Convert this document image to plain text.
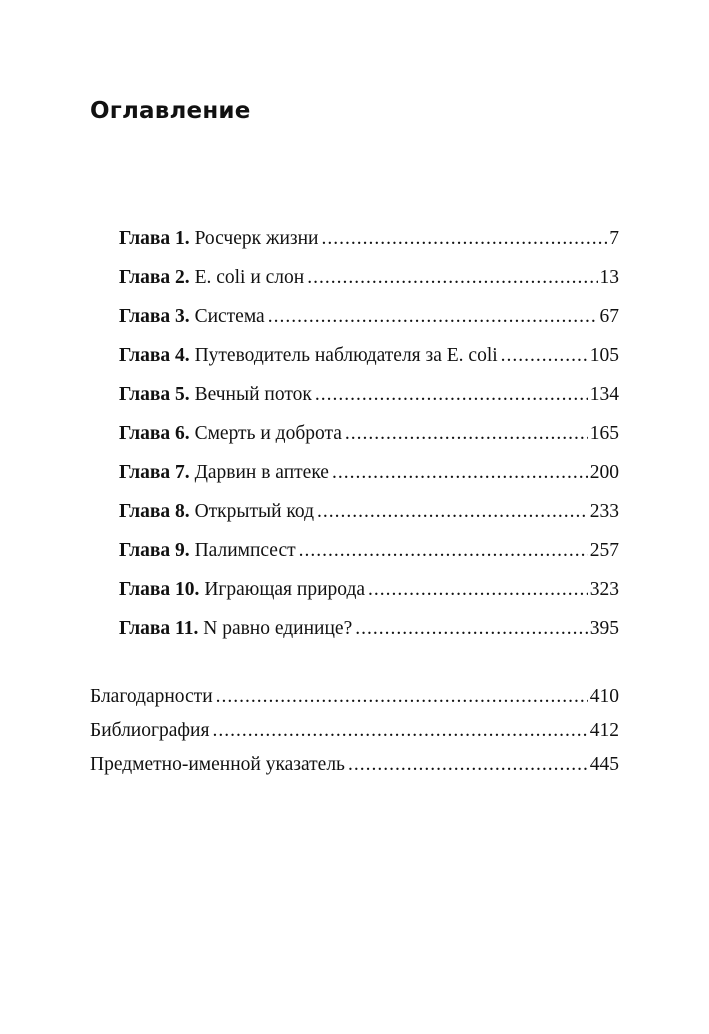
Оглавление
Глава 1. Росчерк жизни .....	7
Глава 2. E. coli и слон .....	13
Глава 3. Система .....	67
Глава 4. Путеводитель наблюдателя за E. coli .....	105
Глава 5. Вечный поток .....	134
Глава 6. Смерть и доброта .....	165
Глава 7. Дарвин в аптеке .....	200
Глава 8. Открытый код .....	233
Глава 9. Палимпсест .....	257
Глава 10. Играющая природа .....	323
Глава 11. N равно единице? .....	395
Благодарности .....	410
Библиография .....	412
Предметно-именной указатель .....	445
